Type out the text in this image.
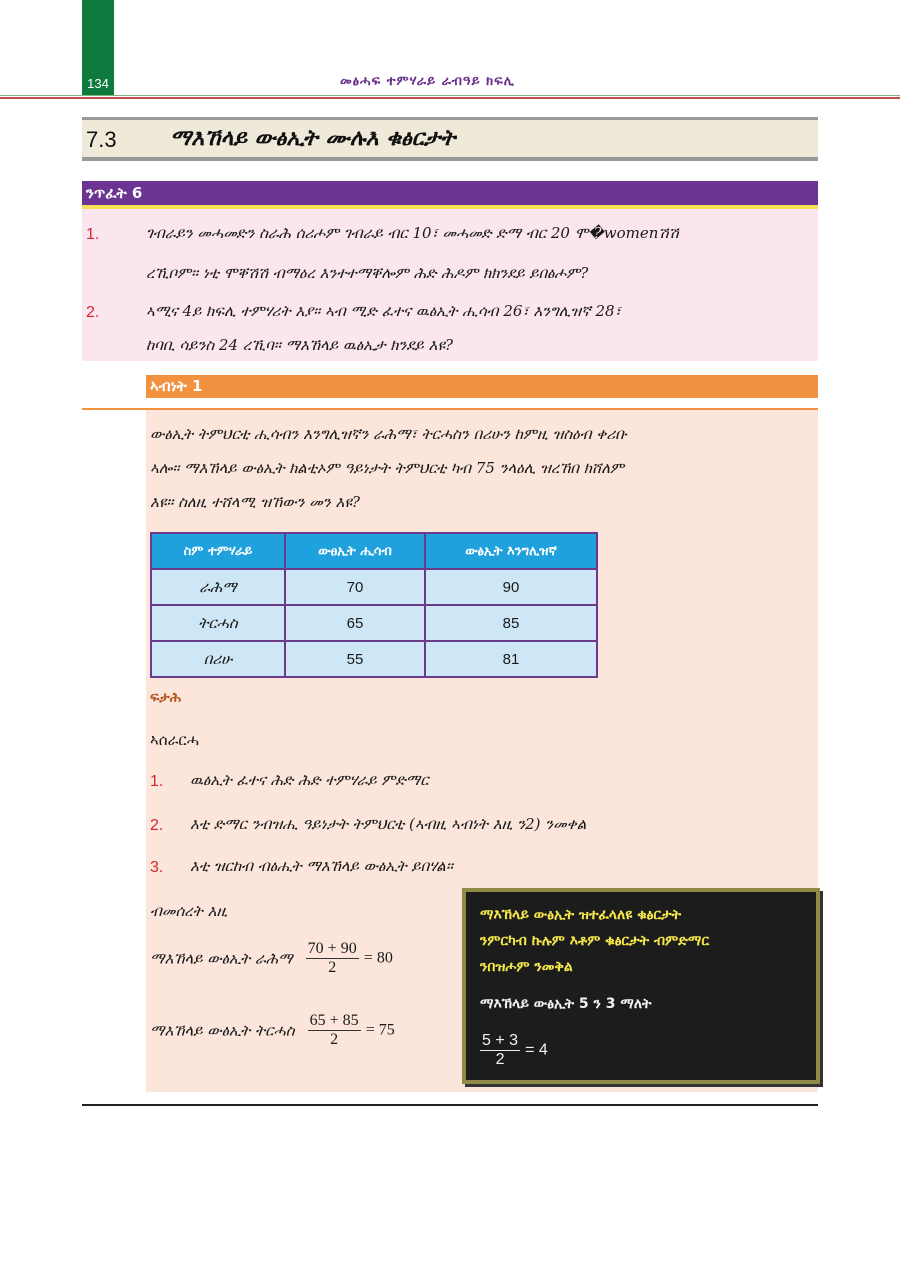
134	መፅሓፍ ተምሃራይ ራብዓይ ክፍሊ
7.3 ማእኸላይ ውፅኢት ሙሉእ ቁፅርታት
ንጥፈት 6
1.	ገብራይን መሓመድን ስራሕ ሰሪሖም ገብራይ ብር 10፣ መሓመድ ድማ ብር 20 ሞ�womenሽሽ
ረኺቦም። ነቲ ሞቐሽሽ ብማዕረ እንተተማቐሎም ሕድ ሕዶም ክክንደይ ይበፅሖም?
2.	ኣሚና 4ይ ክፍሊ ተምሃሪት እያ። ኣብ ሚድ ፈተና ዉፅኢት ሒሳብ 26፣ እንግሊዝኛ 28፣
ከባቢ ሳይንስ 24 ረኺባ። ማእኸላይ ዉፅኢታ ክንደይ እዩ?
ኣብነት 1
ውፅኢት ትምህርቲ ሒሳብን እንግሊዝኛን ራሕማ፣ ትርሓስን በሪሁን ከምዚ ዝስዕብ ቀሪቡ
ኣሎ። ማእኸላይ ውፅኢት ክልቲኦም ዓይነታት ትምህርቲ ካብ 75 ንላዕሊ ዝረኸበ ክሸለም
እዩ። ስለዚ ተሸላሚ ዝኸውን መን እዩ?
ስም ተምሃራይ	ውፀኢት ሒሳብ	ውፅኢት እንግሊዝኛ
ራሕማ	70	90
ትርሓስ	65	85
በሪሁ	55	81
ፍታሕ
ኣሰራርሓ
1. ዉፅኢት ፈተና ሕድ ሕድ ተምሃራይ ምድማር
2. እቲ ድማር ንብዝሒ ዓይነታት ትምህርቲ (ኣብዚ ኣብነት እዚ ን2) ንመቀል
3. እቲ ዝርከብ ብፅሒት ማእኸላይ ውፅኢት ይበሃል።
ብመሰረት እዚ
ማእኸላይ ውፅኢት ራሕማ $\frac{70 + 90}{2} = 80$
ማእኸላይ ውፅኢት ትርሓስ $\frac{65 + 85}{2} = 75$
ማእኸላይ ውፅኢት ዝተፈላለዩ ቁፅርታት
ንምርካብ ኩሉም እቶም ቁፅርታት ብምድማር
ንበዝሖም ንመቅል
ማእኸላይ ውፅኢት 5 ን 3 ማለት
$\frac{5 + 3}{2} = 4$
